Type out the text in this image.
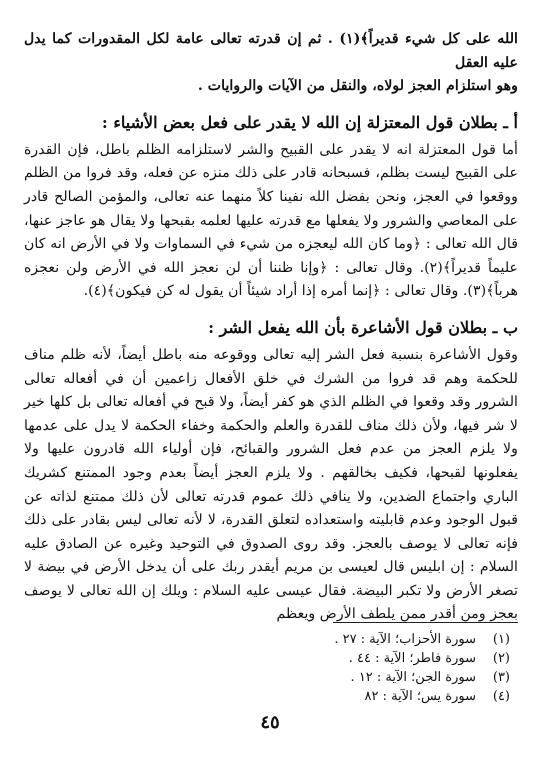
الله على كل شيء قديراً﴾(١) . ثم إن قدرته تعالى عامة لكل المقدورات كما يدل عليه العقل

وهو استلزام العجز لولاه، والنقل من الآيات والروايات .

أ ـ بطلان قول المعتزلة إن الله لا يقدر على فعل بعض الأشياء :

أما قول المعتزلة انه لا يقدر على القبيح والشر لاستلزامه الظلم باطل، فإن القدرة على القبيح ليست بظلم، فسبحانه قادر على ذلك منزه عن فعله، وقد فروا من الظلم ووقعوا في العجز، ونحن بفضل الله نفينا كلاً منهما عنه تعالى، والمؤمن الصالح قادر على المعاصي والشرور ولا يفعلها مع قدرته عليها لعلمه بقبحها ولا يقال هو عاجز عنها، قال الله تعالى : ﴿وما كان الله ليعجزه من شيء في السماوات ولا في الأرض انه كان عليماً قديراً﴾(٢). وقال تعالى : ﴿وإنا ظننا أن لن نعجز الله في الأرض ولن نعجزه هرباً﴾(٣). وقال تعالى : ﴿إنما أمره إذا أراد شيئاً أن يقول له كن فيكون﴾(٤).

ب ـ بطلان قول الأشاعرة بأن الله يفعل الشر :

وقول الأشاعرة بنسبة فعل الشر إليه تعالى ووقوعه منه باطل أيضاً، لأنه ظلم مناف للحكمة وهم قد فروا من الشرك في خلق الأفعال زاعمين أن في أفعاله تعالى الشرور وقد وقعوا في الظلم الذي هو كفر أيضاً، ولا قبح في أفعاله تعالى بل كلها خير لا شر فيها، ولأن ذلك مناف للقدرة والعلم والحكمة وخفاء الحكمة لا يدل على عدمها ولا يلزم العجز من عدم فعل الشرور والقبائح، فإن أولياء الله قادرون عليها ولا يفعلونها لقبحها، فكيف بخالقهم . ولا يلزم العجز أيضاً بعدم وجود الممتنع كشريك الباري واجتماع الضدين، ولا ينافي ذلك عموم قدرته تعالى لأن ذلك ممتنع لذاته عن قبول الوجود وعدم قابليته واستعداده لتعلق القدرة، لا لأنه تعالى ليس بقادر على ذلك فإنه تعالى لا يوصف بالعجز. وقد روى الصدوق في التوحيد وغيره عن الصادق عليه السلام : إن ابليس قال لعيسى بن مريم أيقدر ربك على أن يدخل الأرض في بيضة لا تصغر الأرض ولا تكبر البيضة. فقال عيسى عليه السلام : ويلك إن الله تعالى لا يوصف بعجز ومن أقدر ممن يلطف الأرض ويعظم

(١)
سورة الأحزاب؛ الآية : ٢٧ .
(٢)
سورة فاطر؛ الآية : ٤٤ .
(٣)
سورة الجن؛ الآية : ١٢ .
(٤)
سورة يس؛ الآية : ٨٢
٤٥
